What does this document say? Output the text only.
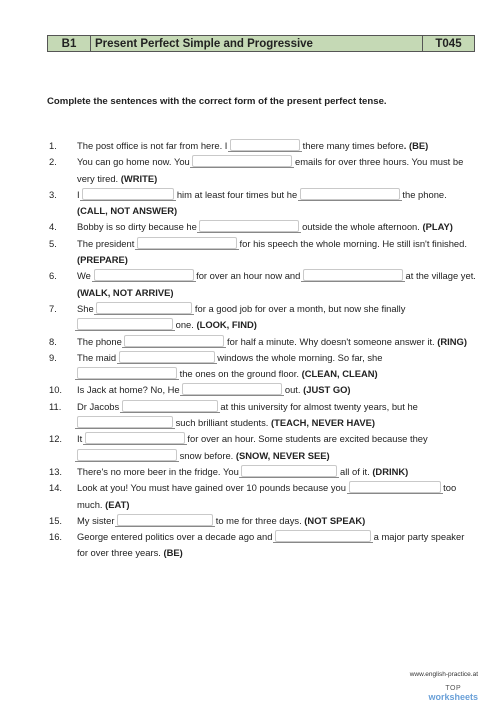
B1	Present Perfect Simple and Progressive	T045
Complete the sentences with the correct form of the present perfect tense.
1.	The post office is not far from here. I	there many times before. (BE)
2.	You can go home now. You	emails for over three hours. You must be very tired. (WRITE)
3.	I	him at least four times but he	the phone. (CALL, NOT ANSWER)
4.	Bobby is so dirty because he	outside the whole afternoon. (PLAY)
5.	The president	for his speech the whole morning. He still isn't finished. (PREPARE)
6.	We	for over an hour now and	at the village yet. (WALK, NOT ARRIVE)
7.	She	for a good job for over a month, but now she finally  one. (LOOK, FIND)
8.	The phone	for half a minute. Why doesn't someone answer it. (RING)
9.	The maid	windows the whole morning. So far, she  the ones on the ground floor. (CLEAN, CLEAN)
10.	Is Jack at home? No, He	out. (JUST GO)
11.	Dr Jacobs	at this university for almost twenty years, but he  such brilliant students. (TEACH, NEVER HAVE)
12.	It	for over an hour. Some students are excited because they  snow before. (SNOW, NEVER SEE)
13.	There's no more beer in the fridge. You	all of it. (DRINK)
14.	Look at you! You must have gained over 10 pounds because you	too much. (EAT)
15.	My sister	to me for three days. (NOT SPEAK)
16.	George entered politics over a decade ago and	a major party speaker for over three years. (BE)
www.english-practice.at
TOP
worksheets
